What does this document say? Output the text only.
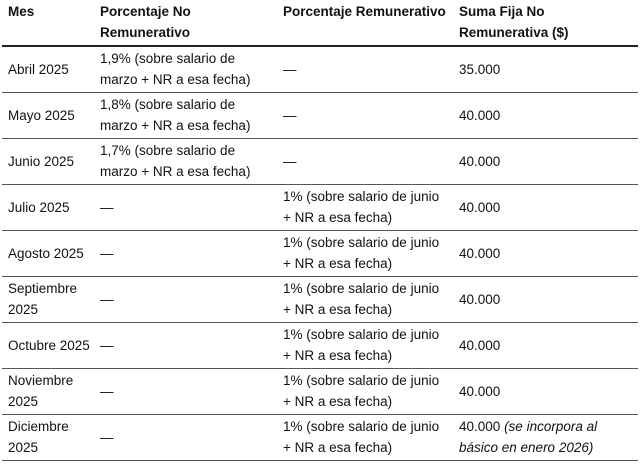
Mes	Porcentaje No Remunerativo	Porcentaje Remunerativo	Suma Fija No Remunerativa ($)
Abril 2025	1,9% (sobre salario de marzo + NR a esa fecha)	—	35.000
Mayo 2025	1,8% (sobre salario de marzo + NR a esa fecha)	—	40.000
Junio 2025	1,7% (sobre salario de marzo + NR a esa fecha)	—	40.000
Julio 2025	—	1% (sobre salario de junio + NR a esa fecha)	40.000
Agosto 2025	—	1% (sobre salario de junio + NR a esa fecha)	40.000
Septiembre 2025	—	1% (sobre salario de junio + NR a esa fecha)	40.000
Octubre 2025	—	1% (sobre salario de junio + NR a esa fecha)	40.000
Noviembre 2025	—	1% (sobre salario de junio + NR a esa fecha)	40.000
Diciembre 2025	—	1% (sobre salario de junio + NR a esa fecha)	40.000 (se incorpora al básico en enero 2026)
